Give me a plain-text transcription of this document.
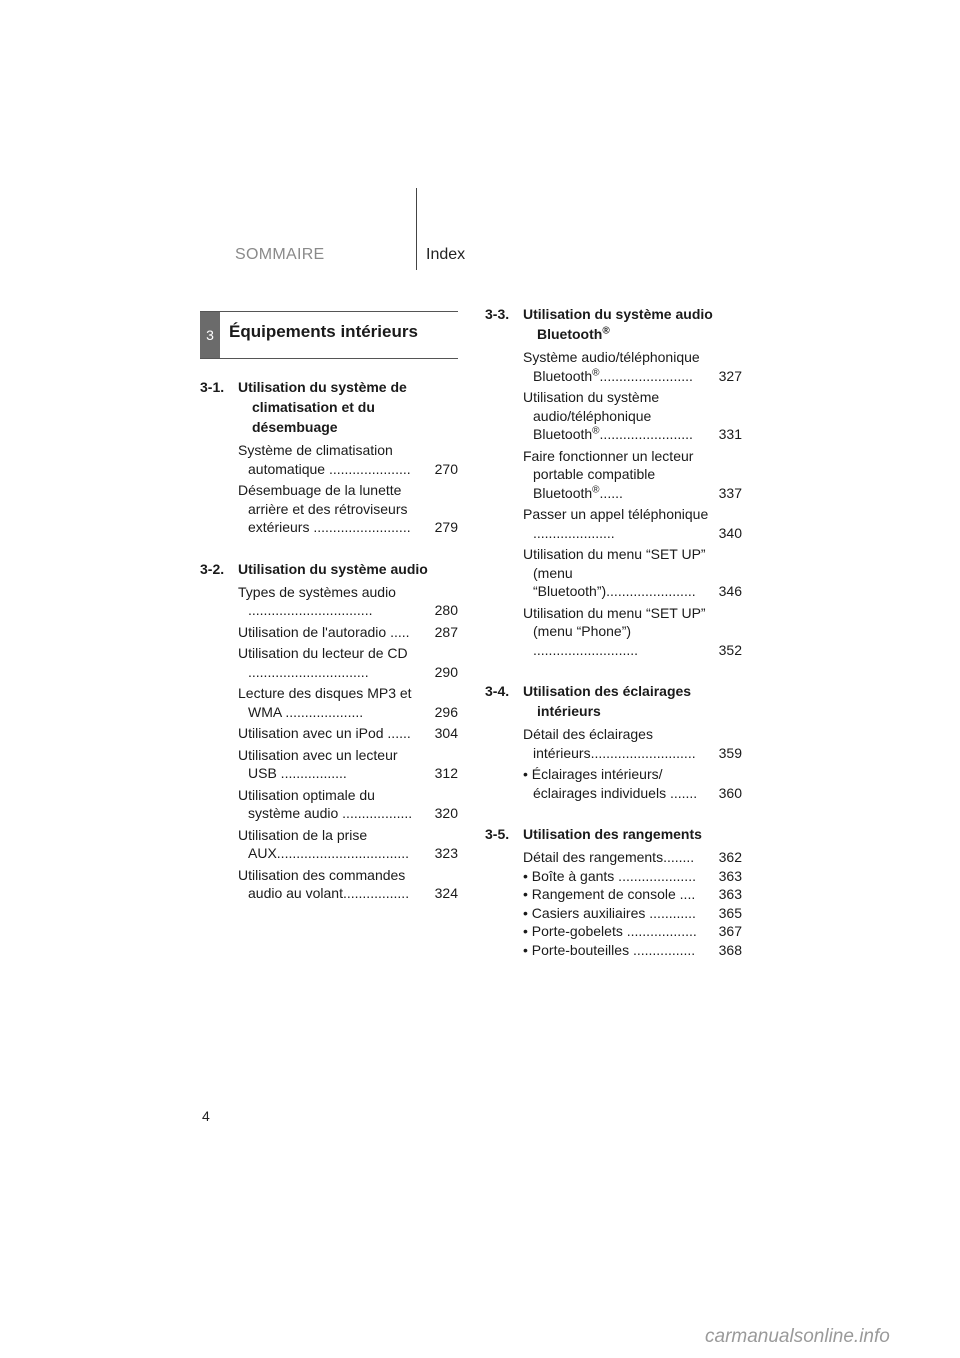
SOMMAIRE	Index
3 Équipements intérieurs
3-1. Utilisation du système de climatisation et du désembuage
Système de climatisation automatique .....................	270
Désembuage de la lunette arrière et des rétroviseurs extérieurs .........................	279
3-2. Utilisation du système audio
Types de systèmes audio ................................	280
Utilisation de l'autoradio .....	287
Utilisation du lecteur de CD ...............................	290
Lecture des disques MP3 et WMA ....................	296
Utilisation avec un iPod ......	304
Utilisation avec un lecteur USB .................	312
Utilisation optimale du système audio ..................	320
Utilisation de la prise AUX..................................	323
Utilisation des commandes audio au volant.................	324
3-3. Utilisation du système audio Bluetooth®
Système audio/téléphonique Bluetooth®........................	327
Utilisation du système audio/téléphonique Bluetooth®........................	331
Faire fonctionner un lecteur portable compatible Bluetooth®......	337
Passer un appel téléphonique .....................	340
Utilisation du menu “SET UP” (menu “Bluetooth”).......................	346
Utilisation du menu “SET UP” (menu “Phone”) ...........................	352
3-4. Utilisation des éclairages intérieurs
Détail des éclairages intérieurs...........................	359
• Éclairages intérieurs/ éclairages individuels .......	360
3-5. Utilisation des rangements
Détail des rangements........	362
• Boîte à gants ....................	363
• Rangement de console ....	363
• Casiers auxiliaires ............	365
• Porte-gobelets ..................	367
• Porte-bouteilles ................	368
4
carmanualsonline.info
